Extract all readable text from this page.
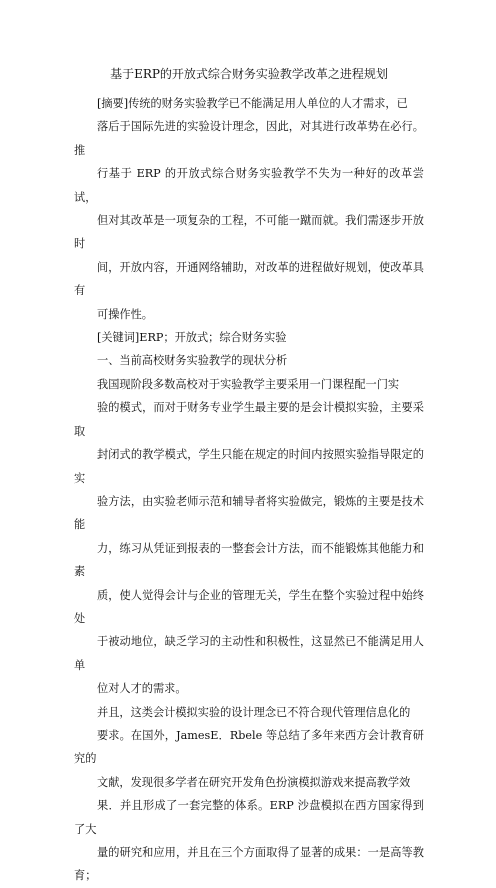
基于ERP的开放式综合财务实验教学改革之进程规划

[摘要]传统的财务实验教学已不能满足用人单位的人才需求，已
落后于国际先进的实验设计理念，因此，对其进行改革势在必行。推
行基于 ERP 的开放式综合财务实验教学不失为一种好的改革尝试，
但对其改革是一项复杂的工程，不可能一蹴而就。我们需逐步开放时
间，开放内容，开通网络辅助，对改革的进程做好规划，使改革具有
可操作性。

[关键词]ERP；开放式；综合财务实验

一、当前高校财务实验教学的现状分析

我国现阶段多数高校对于实验教学主要采用一门课程配一门实
验的模式，而对于财务专业学生最主要的是会计模拟实验，主要采取
封闭式的教学模式，学生只能在规定的时间内按照实验指导限定的实
验方法，由实验老师示范和辅导者将实验做完，锻炼的主要是技术能
力，练习从凭证到报表的一整套会计方法，而不能锻炼其他能力和素
质，使人觉得会计与企业的管理无关，学生在整个实验过程中始终处
于被动地位，缺乏学习的主动性和积极性，这显然已不能满足用人单
位对人才的需求。

并且，这类会计模拟实验的设计理念已不符合现代管理信息化的
要求。在国外，JamesE．Rbele 等总结了多年来西方会计教育研究的
文献，发现很多学者在研究开发角色扮演模拟游戏来提高教学效
果．并且形成了一套完整的体系。ERP 沙盘模拟在西方国家得到了大
量的研究和应用，并且在三个方面取得了显著的成果：一是高等教育；
